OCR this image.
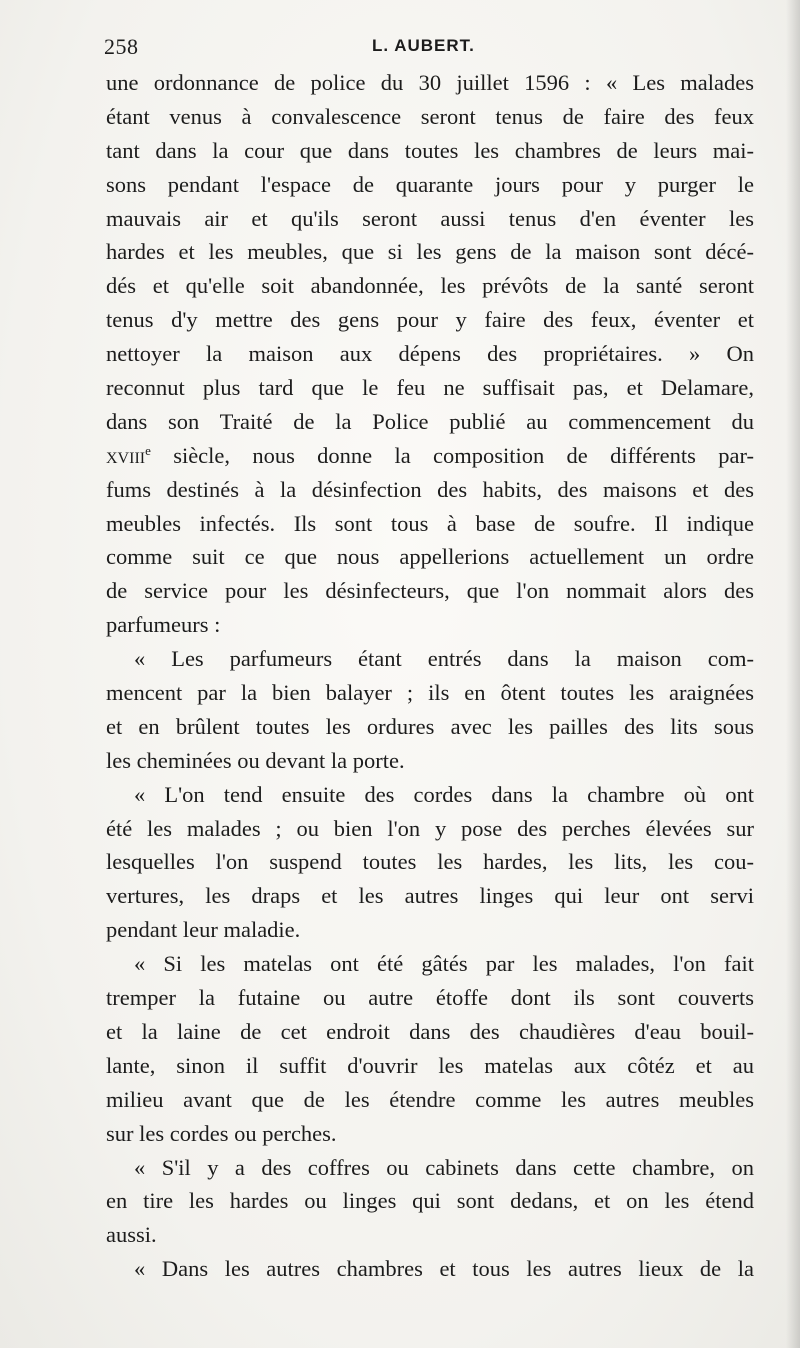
258	L. AUBERT.
une ordonnance de police du 30 juillet 1596 : « Les malades
étant venus à convalescence seront tenus de faire des feux
tant dans la cour que dans toutes les chambres de leurs mai-
sons pendant l'espace de quarante jours pour y purger le
mauvais air et qu'ils seront aussi tenus d'en éventer les
hardes et les meubles, que si les gens de la maison sont décé-
dés et qu'elle soit abandonnée, les prévôts de la santé seront
tenus d'y mettre des gens pour y faire des feux, éventer et
nettoyer la maison aux dépens des propriétaires. » On
reconnut plus tard que le feu ne suffisait pas, et Delamare,
dans son Traité de la Police publié au commencement du
xviii$^e$ siècle, nous donne la composition de différents par-
fums destinés à la désinfection des habits, des maisons et des
meubles infectés. Ils sont tous à base de soufre. Il indique
comme suit ce que nous appellerions actuellement un ordre
de service pour les désinfecteurs, que l'on nommait alors des
parfumeurs :
« Les parfumeurs étant entrés dans la maison com-
mencent par la bien balayer ; ils en ôtent toutes les araignées
et en brûlent toutes les ordures avec les pailles des lits sous
les cheminées ou devant la porte.
« L'on tend ensuite des cordes dans la chambre où ont
été les malades ; ou bien l'on y pose des perches élevées sur
lesquelles l'on suspend toutes les hardes, les lits, les cou-
vertures, les draps et les autres linges qui leur ont servi
pendant leur maladie.
« Si les matelas ont été gâtés par les malades, l'on fait
tremper la futaine ou autre étoffe dont ils sont couverts
et la laine de cet endroit dans des chaudières d'eau bouil-
lante, sinon il suffit d'ouvrir les matelas aux côtéz et au
milieu avant que de les étendre comme les autres meubles
sur les cordes ou perches.
« S'il y a des coffres ou cabinets dans cette chambre, on
en tire les hardes ou linges qui sont dedans, et on les étend
aussi.
« Dans les autres chambres et tous les autres lieux de la
